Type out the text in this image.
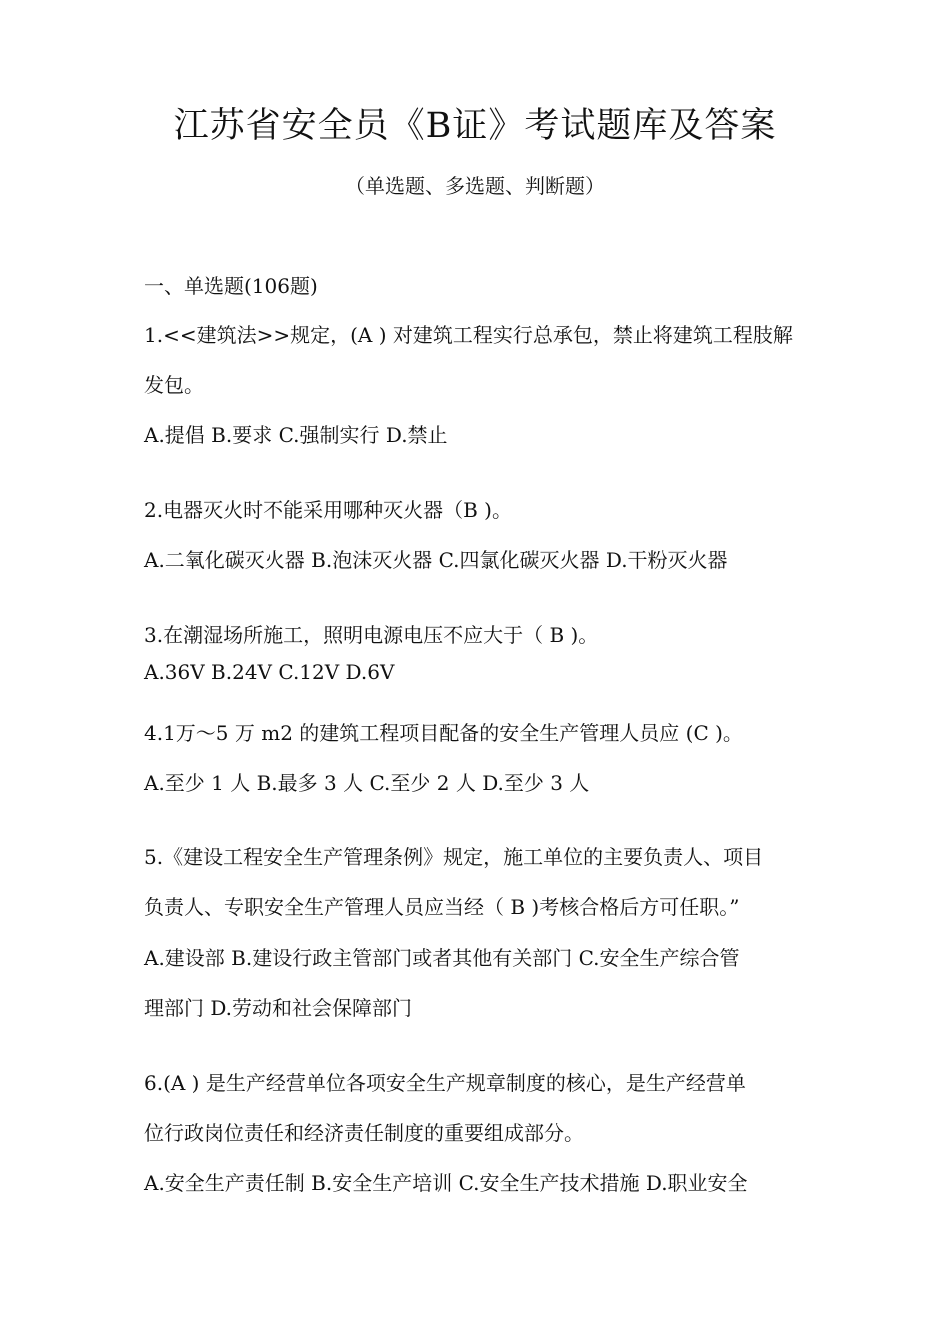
江苏省安全员《B证》考试题库及答案
（单选题、多选题、判断题）
一、单选题(106题)
1.<<建筑法>>规定，(A ) 对建筑工程实行总承包，禁止将建筑工程肢解
发包。
A.提倡 B.要求 C.强制实行 D.禁止
2.电器灭火时不能采用哪种灭火器（B )。
A.二氧化碳灭火器 B.泡沫灭火器 C.四氯化碳灭火器 D.干粉灭火器
3.在潮湿场所施工，照明电源电压不应大于（ B )。
A.36V B.24V C.12V D.6V
4.1万～5 万 m2 的建筑工程项目配备的安全生产管理人员应 (C )。
A.至少 1 人 B.最多 3 人 C.至少 2 人 D.至少 3 人
5.《建设工程安全生产管理条例》规定，施工单位的主要负责人、项目
负责人、专职安全生产管理人员应当经（ B )考核合格后方可任职。”
A.建设部 B.建设行政主管部门或者其他有关部门 C.安全生产综合管
理部门 D.劳动和社会保障部门
6.(A ) 是生产经营单位各项安全生产规章制度的核心，是生产经营单
位行政岗位责任和经济责任制度的重要组成部分。
A.安全生产责任制 B.安全生产培训 C.安全生产技术措施 D.职业安全
